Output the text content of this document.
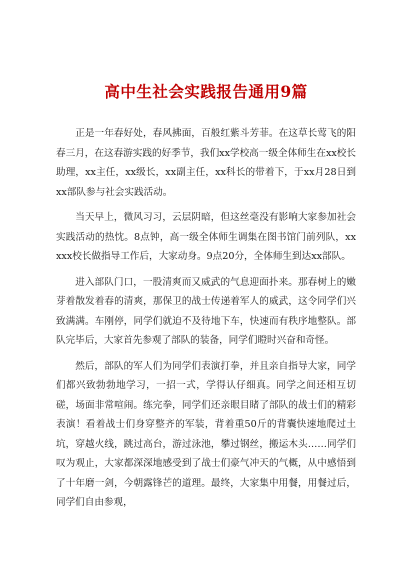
高中生社会实践报告通用9篇

正是一年春好处，春风拂面，百般红紫斗芳菲。在这草长莺飞的阳春三月，在这春游实践的好季节，我们xx学校高一级全体师生在xx校长助理，xx主任，xx级长，xx副主任，xx科长的带着下，于xx月28日到xx部队参与社会实践活动。

当天早上，微风习习，云层阴暗，但这丝毫没有影响大家参加社会实践活动的热忱。8点钟，高一级全体师生调集在图书馆门前列队，xxxxx校长做指导工作后，大家动身。9点20分，全体师生到达xx部队。

进入部队门口，一股清爽而又威武的气息迎面扑来。那春树上的嫩芽着散发着春的清爽，那保卫的战士传递着军人的威武，这令同学们兴致满满。车刚停，同学们就迫不及待地下车，快速而有秩序地整队。部队完毕后，大家首先参观了部队的装备，同学们瞪时兴奋和奇怪。

然后，部队的军人们为同学们表演打拳，并且亲自指导大家，同学们都兴致勃勃地学习，一招一式，学得认仔细真。同学之间还相互切磋，场面非常喧闹。练完拳，同学们还亲眼目睹了部队的战士们的精彩表演！看着战士们身穿整齐的军装，背着重50斤的背囊快速地爬过土坑，穿越火线，跳过高台，游过泳池，攀过钢丝，搬运木头……同学们叹为观止，大家都深深地感受到了战士们豪气冲天的气概，从中感悟到了十年磨一剑，今朝露锋芒的道理。最终，大家集中用餐，用餐过后，同学们自由参观，
